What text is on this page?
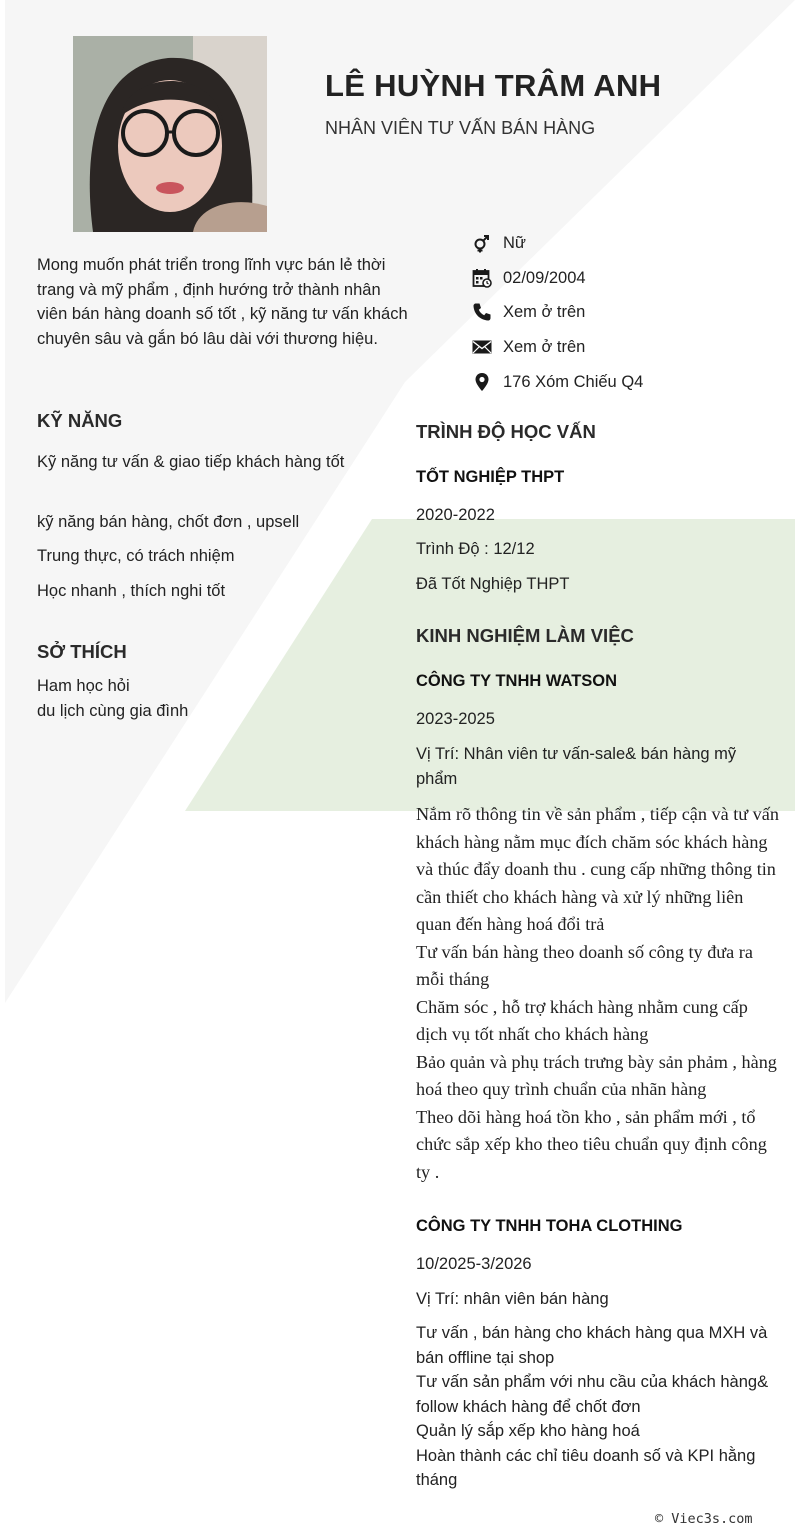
LÊ HUỲNH TRÂM ANH
NHÂN VIÊN TƯ VẤN BÁN HÀNG
Mong muốn phát triển trong lĩnh vực bán lẻ thời trang và mỹ phẩm , định hướng trở thành nhân viên bán hàng doanh số tốt , kỹ năng tư vấn khách chuyên sâu và gắn bó lâu dài với thương hiệu.
KỸ NĂNG
Kỹ năng tư vấn & giao tiếp khách hàng tốt
kỹ năng bán hàng, chốt đơn , upsell
Trung thực, có trách nhiệm
Học nhanh , thích nghi tốt
SỞ THÍCH
Ham học hỏi
du lịch cùng gia đình
Nữ
02/09/2004
Xem ở trên
Xem ở trên
176 Xóm Chiếu Q4
TRÌNH ĐỘ HỌC VẤN
TỐT NGHIỆP THPT
2020-2022
Trình Độ : 12/12
Đã Tốt Nghiệp THPT
KINH NGHIỆM LÀM VIỆC
CÔNG TY TNHH WATSON
2023-2025
Vị Trí: Nhân viên tư vấn-sale& bán hàng mỹ phẩm
Nắm rõ thông tin về sản phẩm , tiếp cận và tư vấn khách hàng nằm mục đích chăm sóc khách hàng và thúc đẩy doanh thu . cung cấp những thông tin cần thiết cho khách hàng và xử lý những liên quan đến hàng hoá đổi trả
Tư vấn bán hàng theo doanh số công ty đưa ra mỗi tháng
Chăm sóc , hỗ trợ khách hàng nhằm cung cấp dịch vụ tốt nhất cho khách hàng
Bảo quản và phụ trách trưng bày sản phảm , hàng hoá theo quy trình chuẩn của nhãn hàng
Theo dõi hàng hoá tồn kho , sản phẩm mới , tổ chức sắp xếp kho theo tiêu chuẩn quy định công ty .
CÔNG TY TNHH TOHA CLOTHING
10/2025-3/2026
Vị Trí: nhân viên bán hàng
Tư vấn , bán hàng cho khách hàng qua MXH và bán offline tại shop
Tư vấn sản phẩm với nhu cầu của khách hàng& follow khách hàng để chốt đơn
Quản lý sắp xếp kho hàng hoá
Hoàn thành các chỉ tiêu doanh số và KPI hằng tháng
© Viec3s.com
